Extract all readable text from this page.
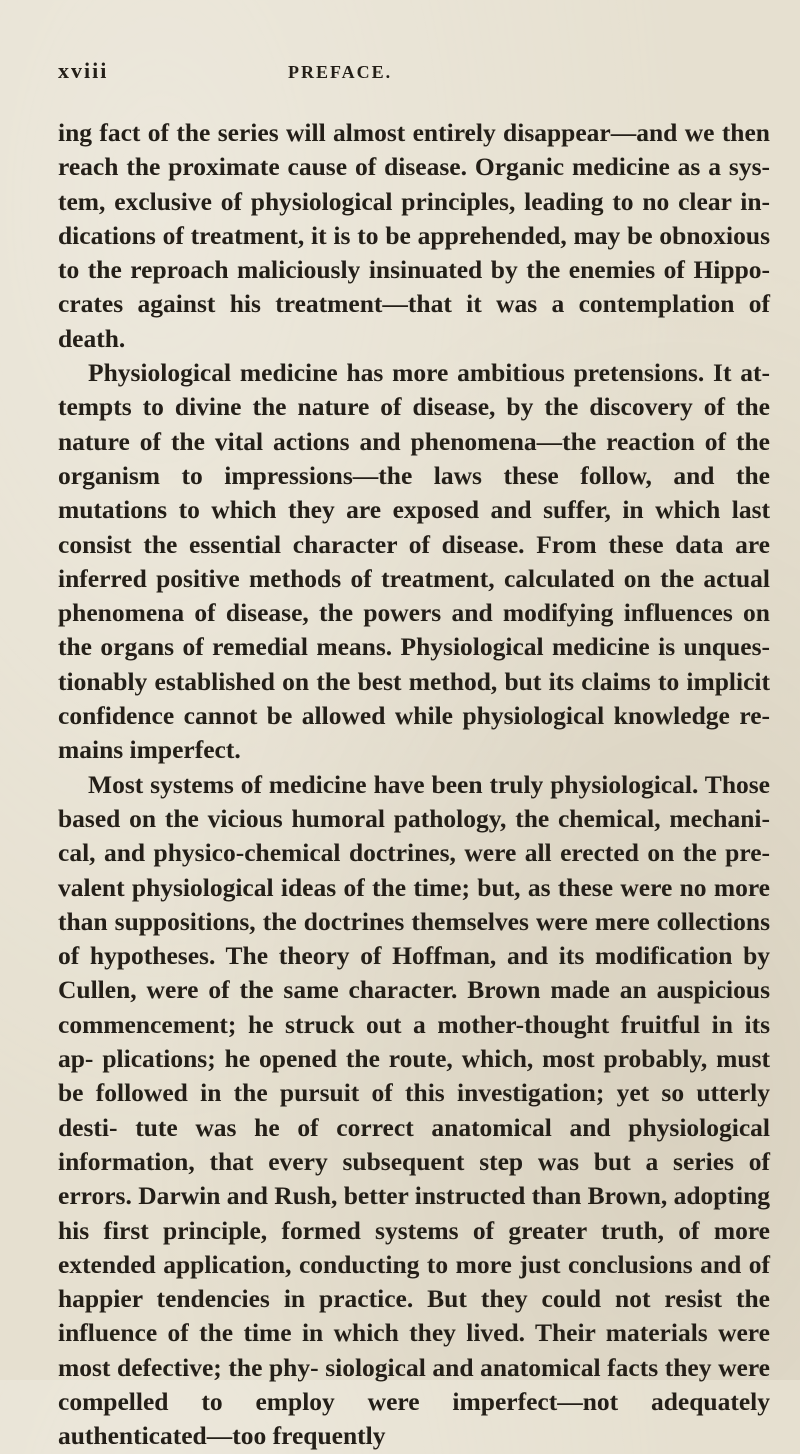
xviii	PREFACE.

ing fact of the series will almost entirely disappear—and we then reach the proximate cause of disease. Organic medicine as a sys- tem, exclusive of physiological principles, leading to no clear in- dications of treatment, it is to be apprehended, may be obnoxious to the reproach maliciously insinuated by the enemies of Hippo- crates against his treatment—that it was a contemplation of death.

Physiological medicine has more ambitious pretensions. It at- tempts to divine the nature of disease, by the discovery of the nature of the vital actions and phenomena—the reaction of the organism to impressions—the laws these follow, and the mutations to which they are exposed and suffer, in which last consist the essential character of disease. From these data are inferred positive methods of treatment, calculated on the actual phenomena of disease, the powers and modifying influences on the organs of remedial means. Physiological medicine is unques- tionably established on the best method, but its claims to implicit confidence cannot be allowed while physiological knowledge re- mains imperfect.

Most systems of medicine have been truly physiological. Those based on the vicious humoral pathology, the chemical, mechani- cal, and physico-chemical doctrines, were all erected on the pre- valent physiological ideas of the time; but, as these were no more than suppositions, the doctrines themselves were mere collections of hypotheses. The theory of Hoffman, and its modification by Cullen, were of the same character. Brown made an auspicious commencement; he struck out a mother-thought fruitful in its ap- plications; he opened the route, which, most probably, must be followed in the pursuit of this investigation; yet so utterly desti- tute was he of correct anatomical and physiological information, that every subsequent step was but a series of errors. Darwin and Rush, better instructed than Brown, adopting his first principle, formed systems of greater truth, of more extended application, conducting to more just conclusions and of happier tendencies in practice. But they could not resist the influence of the time in which they lived. Their materials were most defective; the phy- siological and anatomical facts they were compelled to employ were imperfect—not adequately authenticated—too frequently
